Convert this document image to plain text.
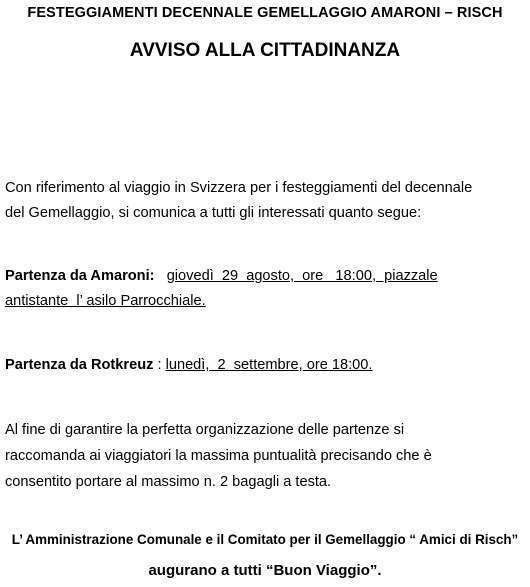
FESTEGGIAMENTI DECENNALE GEMELLAGGIO AMARONI – RISCH
AVVISO ALLA CITTADINANZA
Con riferimento al viaggio in Svizzera per i festeggiamenti del decennale
del Gemellaggio, si comunica a tutti gli interessati quanto segue:
Partenza da Amaroni: giovedì  29  agosto,  ore   18:00,  piazzale
antistante  l’ asilo Parrocchiale.
Partenza da Rotkreuz : lunedì,  2  settembre, ore 18:00.
Al fine di garantire la perfetta organizzazione delle partenze si
raccomanda ai viaggiatori la massima puntualità precisando che è
consentito portare al massimo n. 2 bagagli a testa.
L’ Amministrazione Comunale e il Comitato per il Gemellaggio “ Amici di Risch”
augurano a tutti “Buon Viaggio”.
